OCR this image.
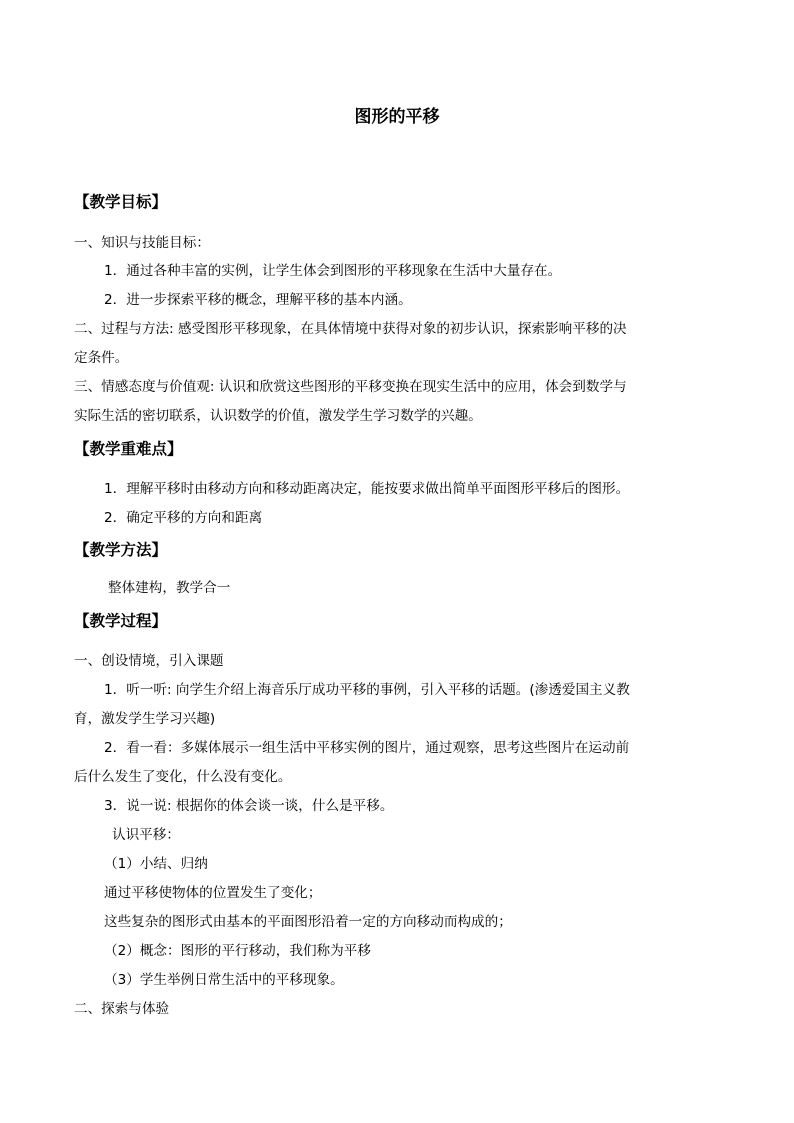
图形的平移
【教学目标】
一、知识与技能目标：
1．通过各种丰富的实例，让学生体会到图形的平移现象在生活中大量存在。
2．进一步探索平移的概念，理解平移的基本内涵。
二、过程与方法: 感受图形平移现象，在具体情境中获得对象的初步认识，探索影响平移的决
定条件。
三、情感态度与价值观: 认识和欣赏这些图形的平移变换在现实生活中的应用，体会到数学与
实际生活的密切联系，认识数学的价值，激发学生学习数学的兴趣。
【教学重难点】
1．理解平移时由移动方向和移动距离决定，能按要求做出简单平面图形平移后的图形。
2．确定平移的方向和距离
【教学方法】
整体建构，教学合一
【教学过程】
一、创设情境，引入课题
1．听一听: 向学生介绍上海音乐厅成功平移的事例，引入平移的话题。(渗透爱国主义教
育，激发学生学习兴趣)
2．看一看：多媒体展示一组生活中平移实例的图片，通过观察，思考这些图片在运动前
后什么发生了变化，什么没有变化。
3．说一说: 根据你的体会谈一谈，什么是平移。
认识平移：
（1）小结、归纳
通过平移使物体的位置发生了变化；
这些复杂的图形式由基本的平面图形沿着一定的方向移动而构成的；
（2）概念：图形的平行移动，我们称为平移
（3）学生举例日常生活中的平移现象。
二、探索与体验
